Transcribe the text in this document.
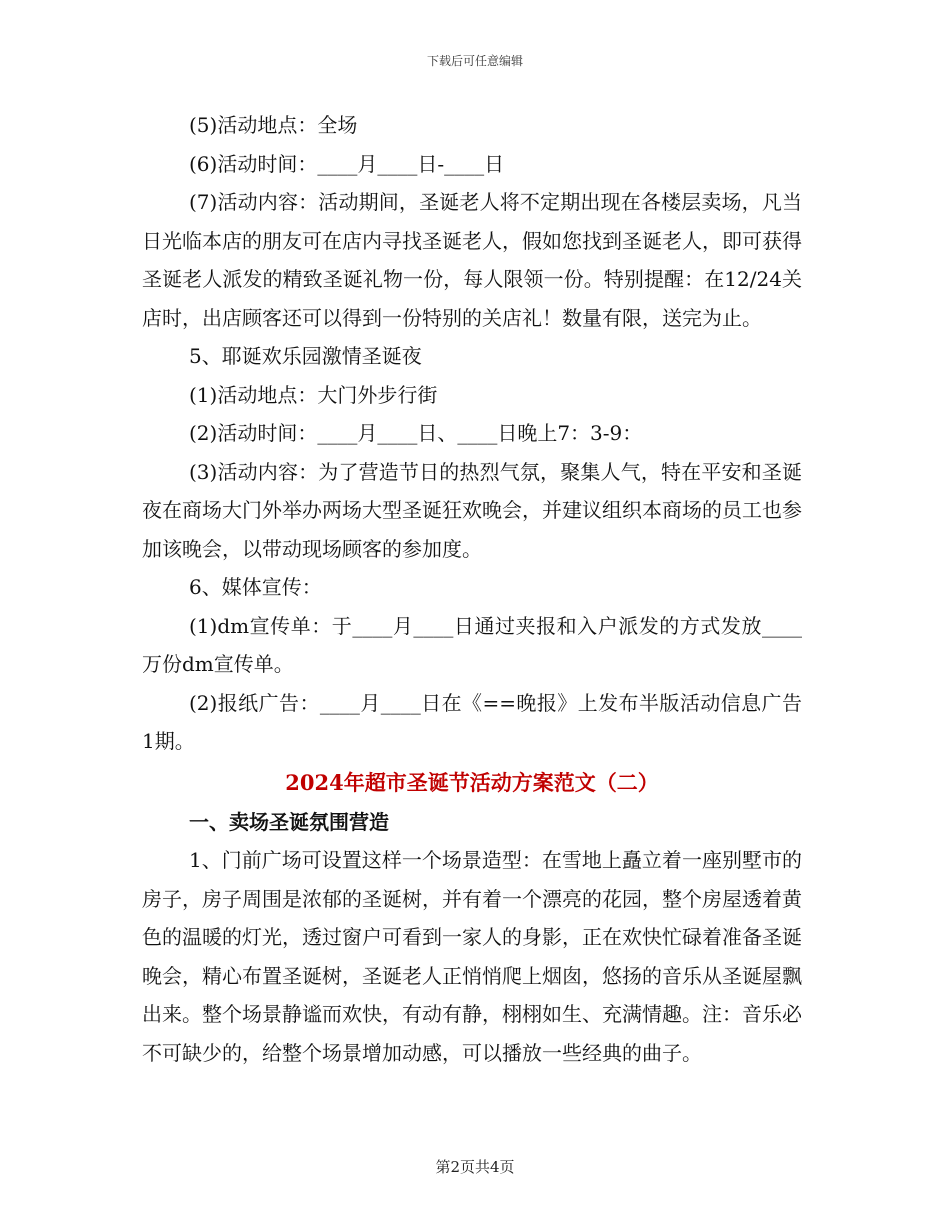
下载后可任意编辑

(5)活动地点：全场

(6)活动时间：____月____日-____日

(7)活动内容：活动期间，圣诞老人将不定期出现在各楼层卖场，凡当日光临本店的朋友可在店内寻找圣诞老人，假如您找到圣诞老人，即可获得圣诞老人派发的精致圣诞礼物一份，每人限领一份。特别提醒：在12/24关店时，出店顾客还可以得到一份特别的关店礼！数量有限，送完为止。

5、耶诞欢乐园激情圣诞夜

(1)活动地点：大门外步行街

(2)活动时间：____月____日、____日晚上7：3-9：

(3)活动内容：为了营造节日的热烈气氛，聚集人气，特在平安和圣诞夜在商场大门外举办两场大型圣诞狂欢晚会，并建议组织本商场的员工也参加该晚会，以带动现场顾客的参加度。

6、媒体宣传：

(1)dm宣传单：于____月____日通过夹报和入户派发的方式发放____万份dm宣传单。

(2)报纸广告：____月____日在《==晚报》上发布半版活动信息广告1期。

2024年超市圣诞节活动方案范文（二）

一、卖场圣诞氛围营造

1、门前广场可设置这样一个场景造型：在雪地上矗立着一座别墅市的房子，房子周围是浓郁的圣诞树，并有着一个漂亮的花园，整个房屋透着黄色的温暖的灯光，透过窗户可看到一家人的身影，正在欢快忙碌着准备圣诞晚会，精心布置圣诞树，圣诞老人正悄悄爬上烟囱，悠扬的音乐从圣诞屋飘出来。整个场景静谧而欢快，有动有静，栩栩如生、充满情趣。注：音乐必不可缺少的，给整个场景增加动感，可以播放一些经典的曲子。

第2页共4页
